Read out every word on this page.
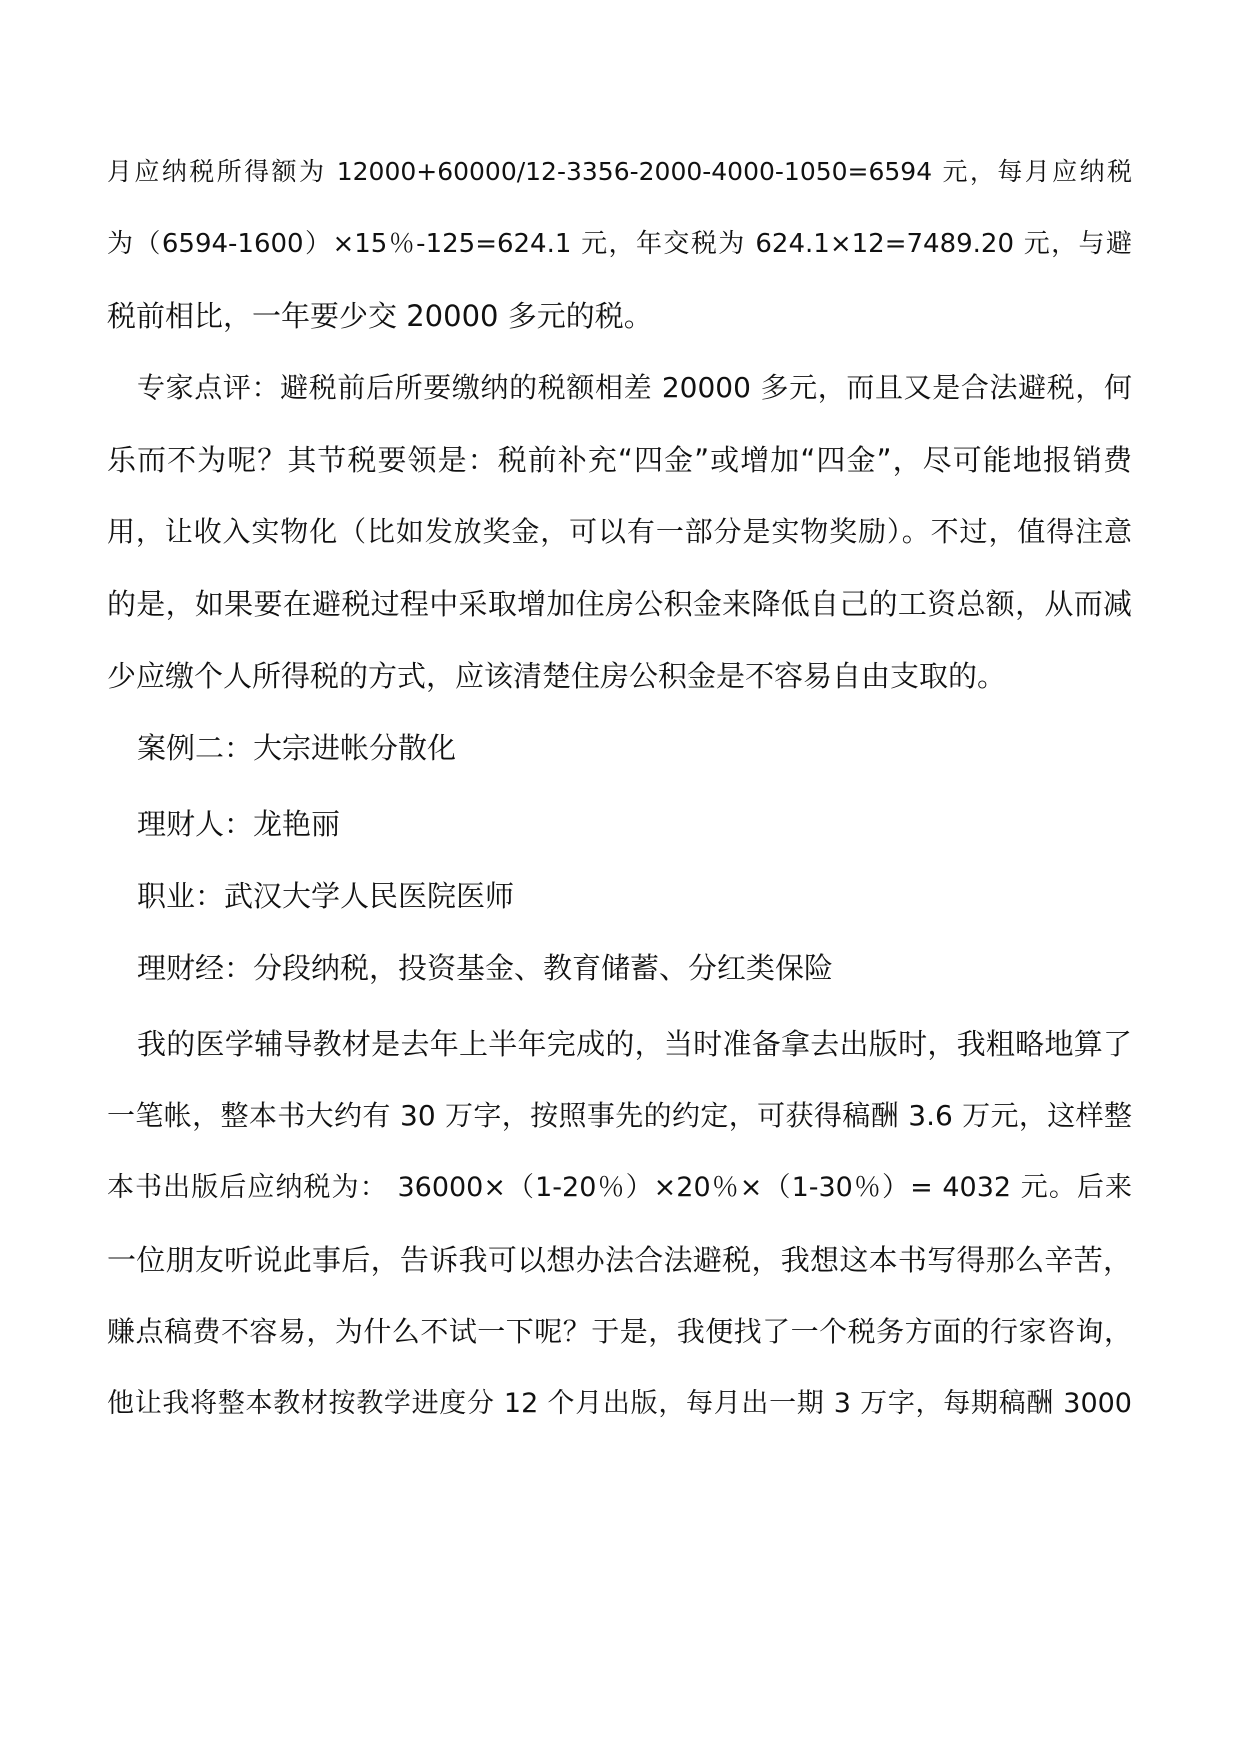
月应纳税所得额为 12000+60000/12-3356-2000-4000-1050=6594 元，每月应纳税
为（6594-1600）×15％-125=624.1 元，年交税为 624.1×12=7489.20 元，与避
税前相比，一年要少交 20000 多元的税。
专家点评：避税前后所要缴纳的税额相差 20000 多元，而且又是合法避税，何
乐而不为呢？其节税要领是：税前补充“四金”或增加“四金”，尽可能地报销费
用，让收入实物化（比如发放奖金，可以有一部分是实物奖励）。不过，值得注意
的是，如果要在避税过程中采取增加住房公积金来降低自己的工资总额，从而减
少应缴个人所得税的方式，应该清楚住房公积金是不容易自由支取的。
案例二：大宗进帐分散化
理财人：龙艳丽
职业：武汉大学人民医院医师
理财经：分段纳税，投资基金、教育储蓄、分红类保险
我的医学辅导教材是去年上半年完成的，当时准备拿去出版时，我粗略地算了
一笔帐，整本书大约有 30 万字，按照事先的约定，可获得稿酬 3.6 万元，这样整
本书出版后应纳税为： 36000×（1-20％）×20％×（1-30％）= 4032 元。后来
一位朋友听说此事后，告诉我可以想办法合法避税，我想这本书写得那么辛苦，
赚点稿费不容易，为什么不试一下呢？于是，我便找了一个税务方面的行家咨询，
他让我将整本教材按教学进度分 12 个月出版，每月出一期 3 万字，每期稿酬 3000
